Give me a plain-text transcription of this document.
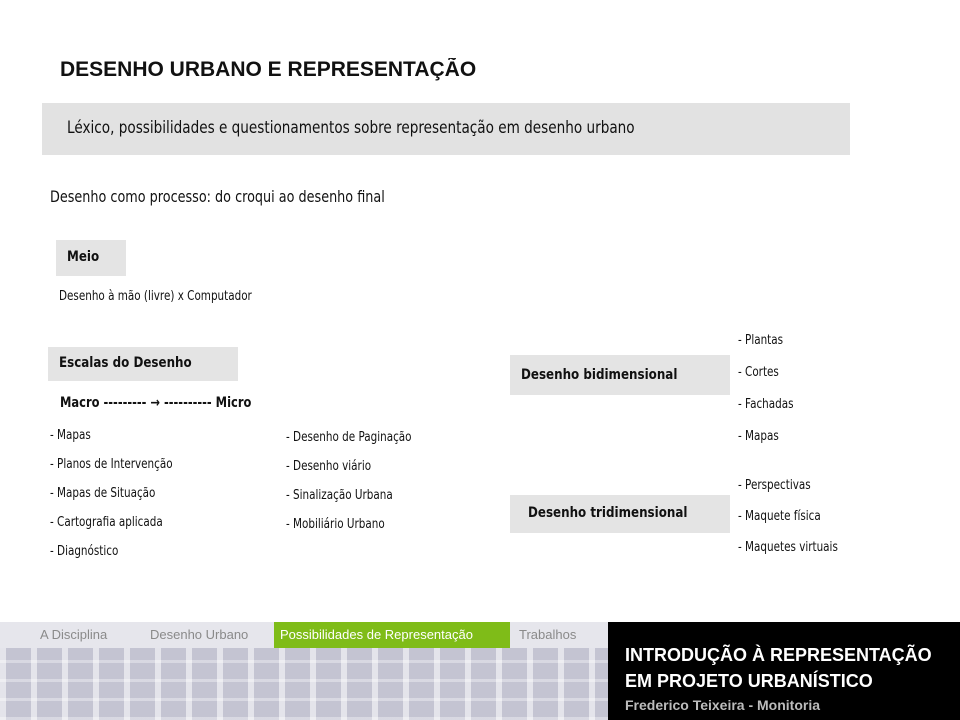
DESENHO URBANO E REPRESENTAÇÃO
Léxico, possibilidades e questionamentos sobre representação em desenho urbano
Desenho como processo: do croqui ao desenho final
Meio
Desenho à mão (livre) x Computador
Escalas do Desenho
Macro --------- → ---------- Micro
- Mapas
- Planos de Intervenção
- Mapas de Situação
- Cartografia aplicada
- Diagnóstico
- Desenho de Paginação
- Desenho viário
- Sinalização Urbana
- Mobiliário Urbano
Desenho bidimensional
- Plantas
- Cortes
- Fachadas
- Mapas
Desenho tridimensional
- Perspectivas
- Maquete física
- Maquetes virtuais
A Disciplina	Desenho Urbano	Possibilidades de Representação	Trabalhos
INTRODUÇÃO À REPRESENTAÇÃO
EM PROJETO URBANÍSTICO
Frederico Teixeira - Monitoria
